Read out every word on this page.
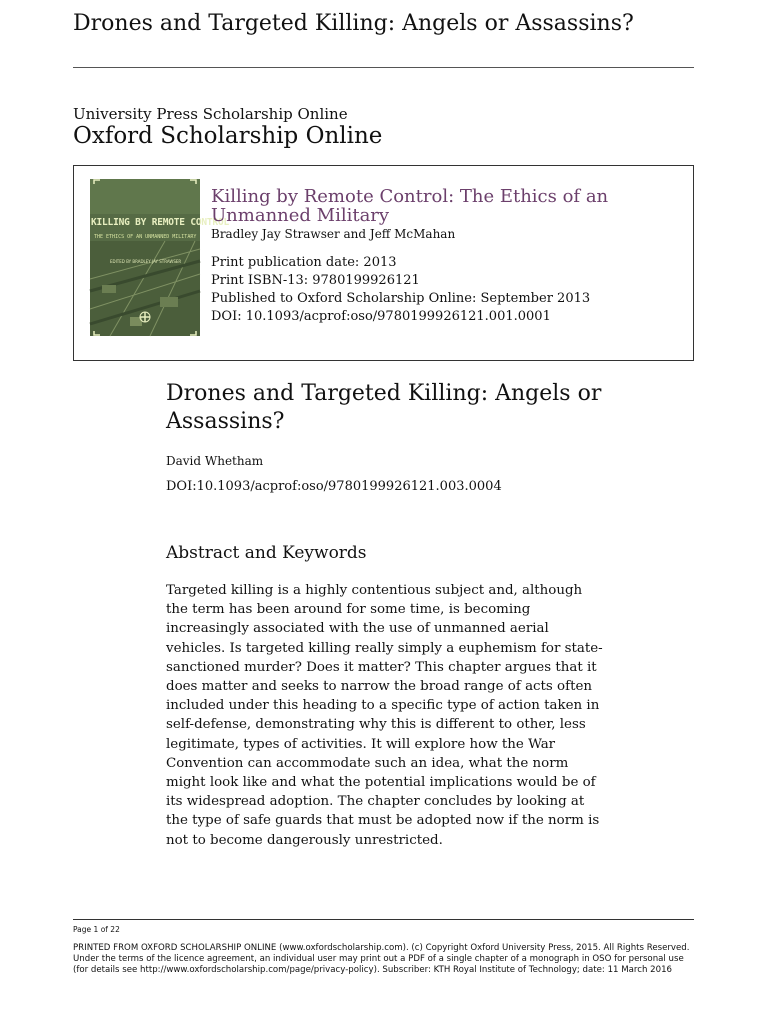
Drones and Targeted Killing: Angels or Assassins?
University Press Scholarship Online
Oxford Scholarship Online
KILLING BY REMOTE CONTROL
THE ETHICS OF AN UNMANNED MILITARY
EDITED BY BRADLEY JAY STRAWSER
Killing by Remote Control: The Ethics of an Unmanned Military
Bradley Jay Strawser and Jeff McMahan
Print publication date: 2013
Print ISBN-13: 9780199926121
Published to Oxford Scholarship Online: September 2013
DOI: 10.1093/acprof:oso/9780199926121.001.0001
Drones and Targeted Killing: Angels or Assassins?
David Whetham
DOI:10.1093/acprof:oso/9780199926121.003.0004
Abstract and Keywords
Targeted killing is a highly contentious subject and, although the term has been around for some time, is becoming increasingly associated with the use of unmanned aerial vehicles. Is targeted killing really simply a euphemism for state-sanctioned murder? Does it matter? This chapter argues that it does matter and seeks to narrow the broad range of acts often included under this heading to a specific type of action taken in self-defense, demonstrating why this is different to other, less legitimate, types of activities. It will explore how the War Convention can accommodate such an idea, what the norm might look like and what the potential implications would be of its widespread adoption. The chapter concludes by looking at the type of safe guards that must be adopted now if the norm is not to become dangerously unrestricted.
Page 1 of 22
PRINTED FROM OXFORD SCHOLARSHIP ONLINE (www.oxfordscholarship.com). (c) Copyright Oxford University Press, 2015. All Rights Reserved. Under the terms of the licence agreement, an individual user may print out a PDF of a single chapter of a monograph in OSO for personal use (for details see http://www.oxfordscholarship.com/page/privacy-policy). Subscriber: KTH Royal Institute of Technology; date: 11 March 2016
